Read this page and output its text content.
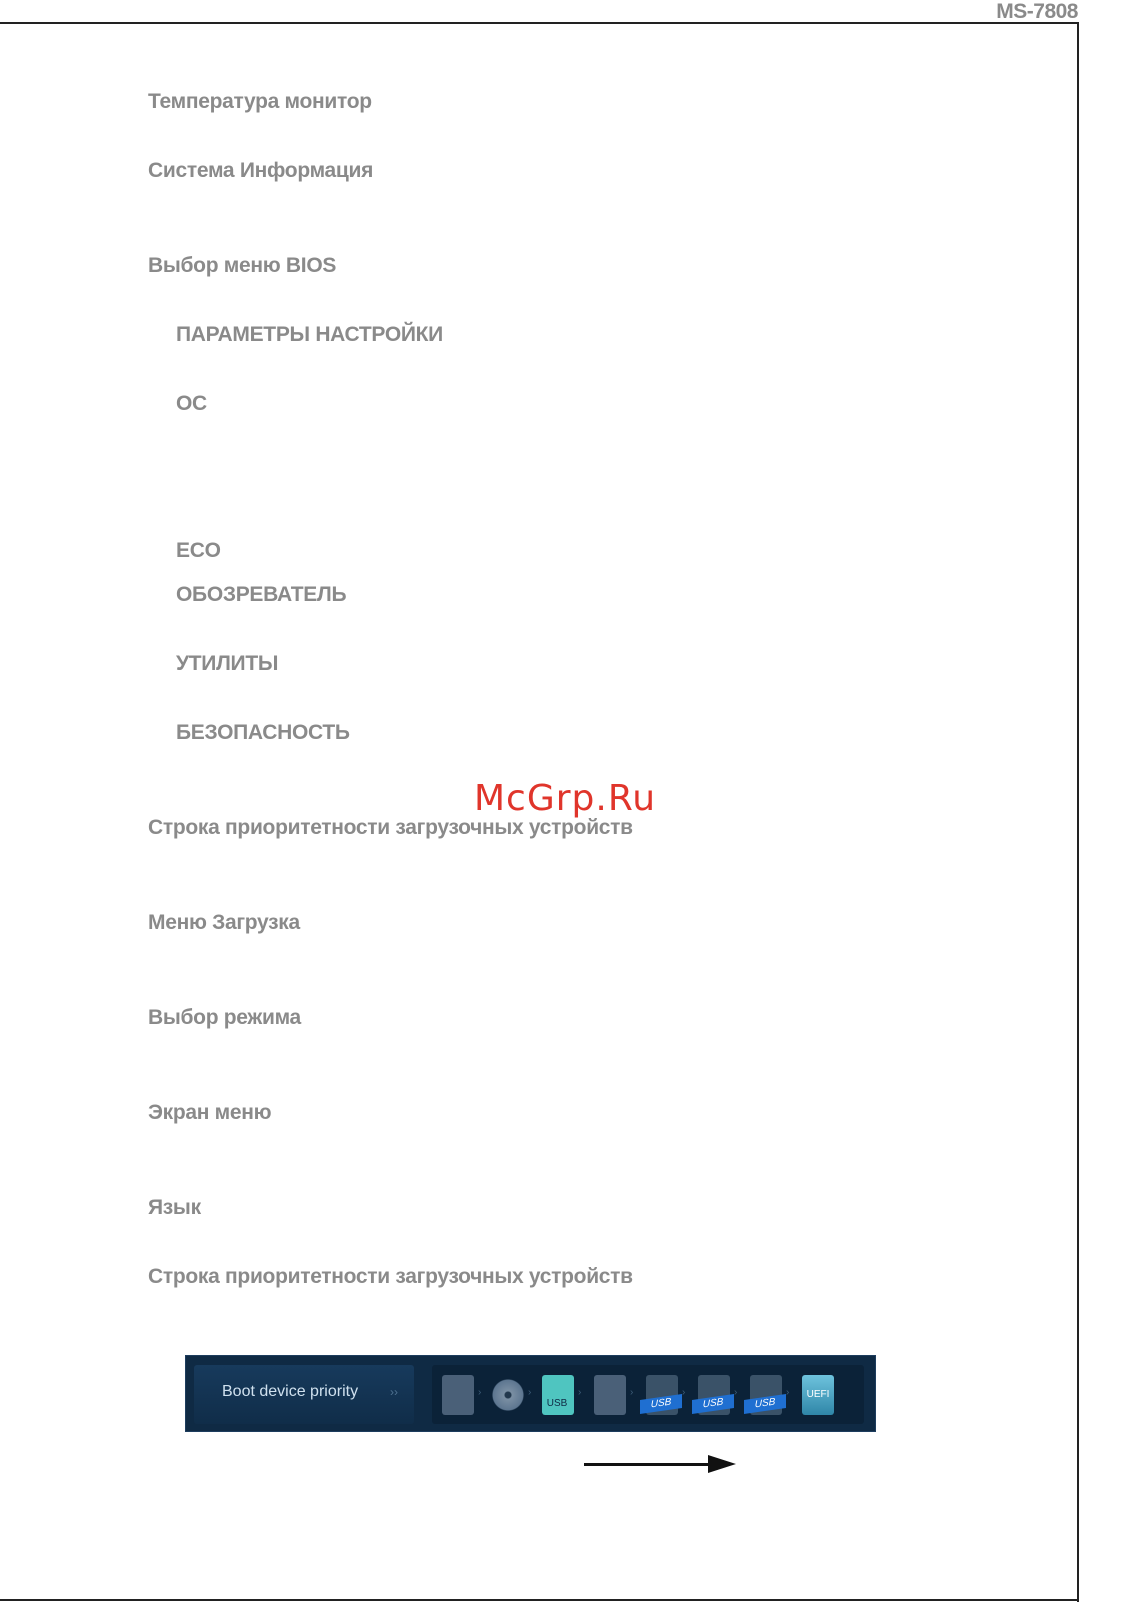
MS-7808
Температура монитор
Система Информация
Выбор меню BIOS
ПАРАМЕТРЫ НАСТРОЙКИ
OC
ECO
ОБОЗРЕВАТЕЛЬ
УТИЛИТЫ
БЕЗОПАСНОСТЬ
Строка приоритетности загрузочных устройств
Меню Загрузка
Выбор режима
Экран меню
Язык
Строка приоритетности загрузочных устройств
McGrp.Ru
Boot device priority	››	›	›
USB
›	›
USB
›
USB
›
USB
›	UEFI
